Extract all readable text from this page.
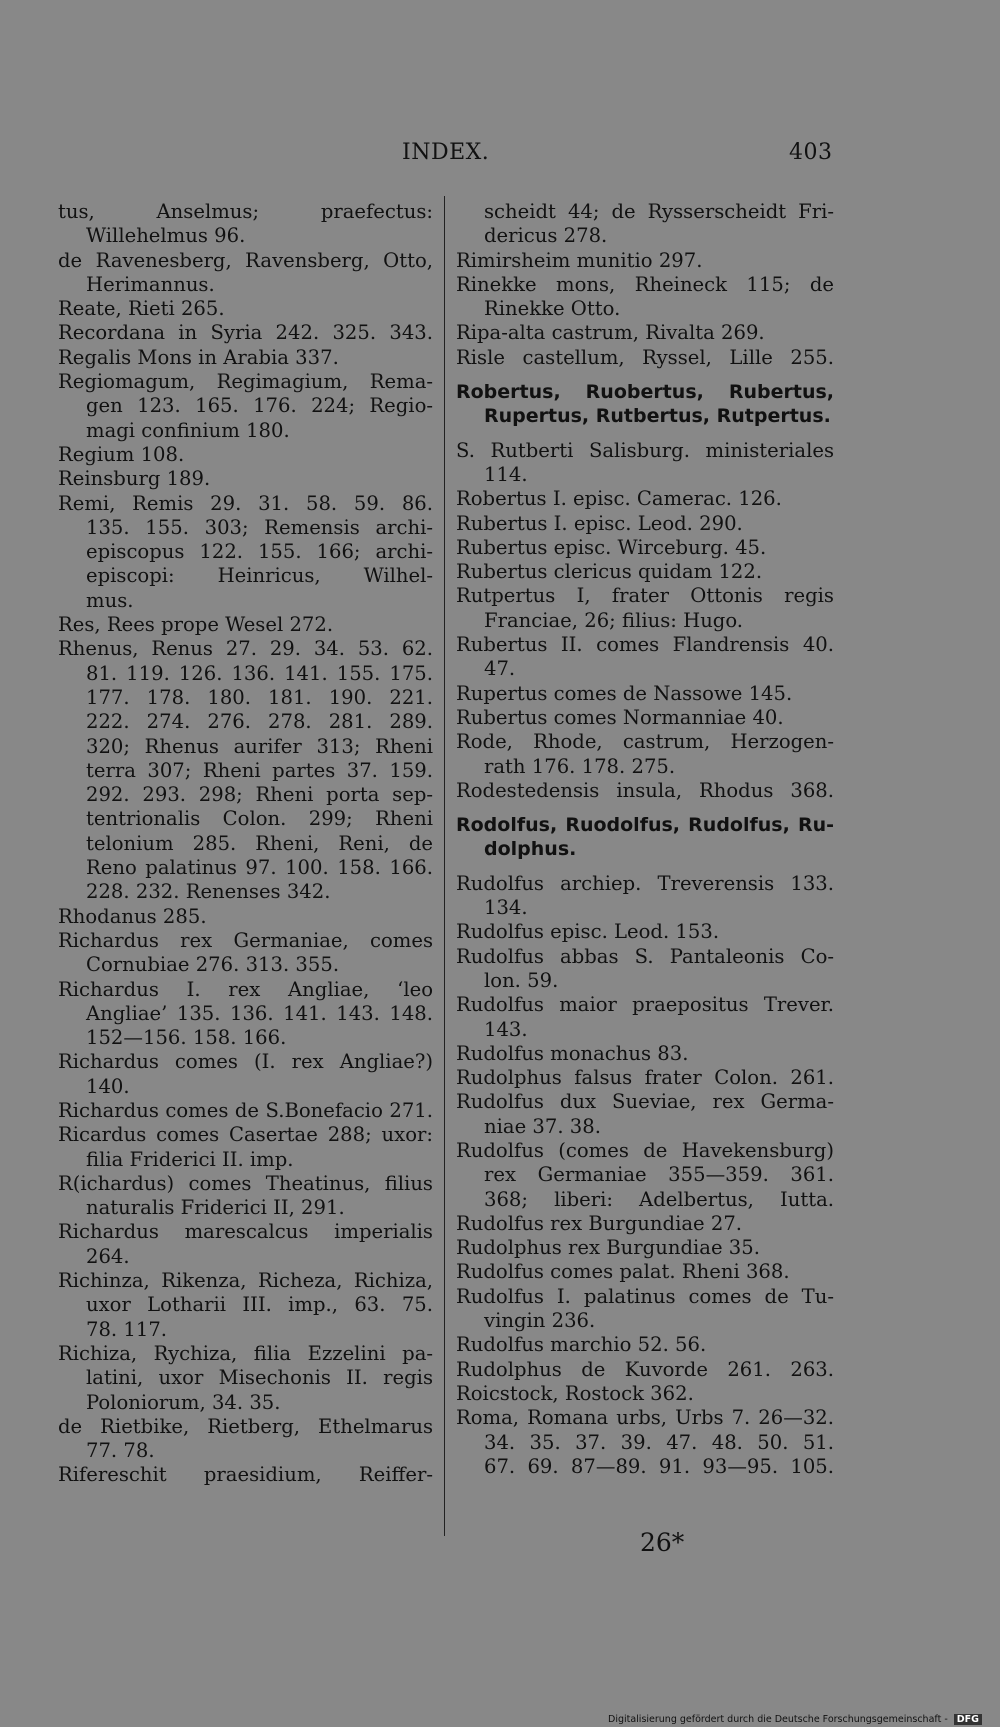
INDEX.	403
tus, Anselmus; praefectus:
Willehelmus 96.
de Ravenesberg, Ravensberg, Otto,
Herimannus.
Reate, Rieti 265.
Recordana in Syria 242. 325. 343.
Regalis Mons in Arabia 337.
Regiomagum, Regimagium, Rema-
gen 123. 165. 176. 224; Regio-
magi confinium 180.
Regium 108.
Reinsburg 189.
Remi, Remis 29. 31. 58. 59. 86.
135. 155. 303; Remensis archi-
episcopus 122. 155. 166; archi-
episcopi: Heinricus, Wilhel-
mus.
Res, Rees prope Wesel 272.
Rhenus, Renus 27. 29. 34. 53. 62.
81. 119. 126. 136. 141. 155. 175.
177. 178. 180. 181. 190. 221.
222. 274. 276. 278. 281. 289.
320; Rhenus aurifer 313; Rheni
terra 307; Rheni partes 37. 159.
292. 293. 298; Rheni porta sep-
tentrionalis Colon. 299; Rheni
telonium 285. Rheni, Reni, de
Reno palatinus 97. 100. 158. 166.
228. 232. Renenses 342.
Rhodanus 285.
Richardus rex Germaniae, comes
Cornubiae 276. 313. 355.
Richardus I. rex Angliae, ‘leo
Angliae’ 135. 136. 141. 143. 148.
152—156. 158. 166.
Richardus comes (I. rex Angliae?)
140.
Richardus comes de S.Bonefacio 271.
Ricardus comes Casertae 288; uxor:
filia Friderici II. imp.
R(ichardus) comes Theatinus, filius
naturalis Friderici II, 291.
Richardus marescalcus imperialis
264.
Richinza, Rikenza, Richeza, Richiza,
uxor Lotharii III. imp., 63. 75.
78. 117.
Richiza, Rychiza, filia Ezzelini pa-
latini, uxor Misechonis II. regis
Poloniorum, 34. 35.
de Rietbike, Rietberg, Ethelmarus
77. 78.
Rifereschit praesidium, Reiffer-
scheidt 44; de Rysserscheidt Fri-
dericus 278.
Rimirsheim munitio 297.
Rinekke mons, Rheineck 115; de
Rinekke Otto.
Ripa-alta castrum, Rivalta 269.
Risle castellum, Ryssel, Lille 255.
Robertus, Ruobertus, Rubertus,
Rupertus, Rutbertus, Rutpertus.
S. Rutberti Salisburg. ministeriales
114.
Robertus I. episc. Camerac. 126.
Rubertus I. episc. Leod. 290.
Rubertus episc. Wirceburg. 45.
Rubertus clericus quidam 122.
Rutpertus I, frater Ottonis regis
Franciae, 26; filius: Hugo.
Rubertus II. comes Flandrensis 40.
47.
Rupertus comes de Nassowe 145.
Rubertus comes Normanniae 40.
Rode, Rhode, castrum, Herzogen-
rath 176. 178. 275.
Rodestedensis insula, Rhodus 368.
Rodolfus, Ruodolfus, Rudolfus, Ru-
dolphus.
Rudolfus archiep. Treverensis 133.
134.
Rudolfus episc. Leod. 153.
Rudolfus abbas S. Pantaleonis Co-
lon. 59.
Rudolfus maior praepositus Trever.
143.
Rudolfus monachus 83.
Rudolphus falsus frater Colon. 261.
Rudolfus dux Sueviae, rex Germa-
niae 37. 38.
Rudolfus (comes de Havekensburg)
rex Germaniae 355—359. 361.
368; liberi: Adelbertus, Iutta.
Rudolfus rex Burgundiae 27.
Rudolphus rex Burgundiae 35.
Rudolfus comes palat. Rheni 368.
Rudolfus I. palatinus comes de Tu-
vingin 236.
Rudolfus marchio 52. 56.
Rudolphus de Kuvorde 261. 263.
Roicstock, Rostock 362.
Roma, Romana urbs, Urbs 7. 26—32.
34. 35. 37. 39. 47. 48. 50. 51.
67. 69. 87—89. 91. 93—95. 105.
26*
Digitalisierung gefördert durch die Deutsche Forschungsgemeinschaft - DFG
